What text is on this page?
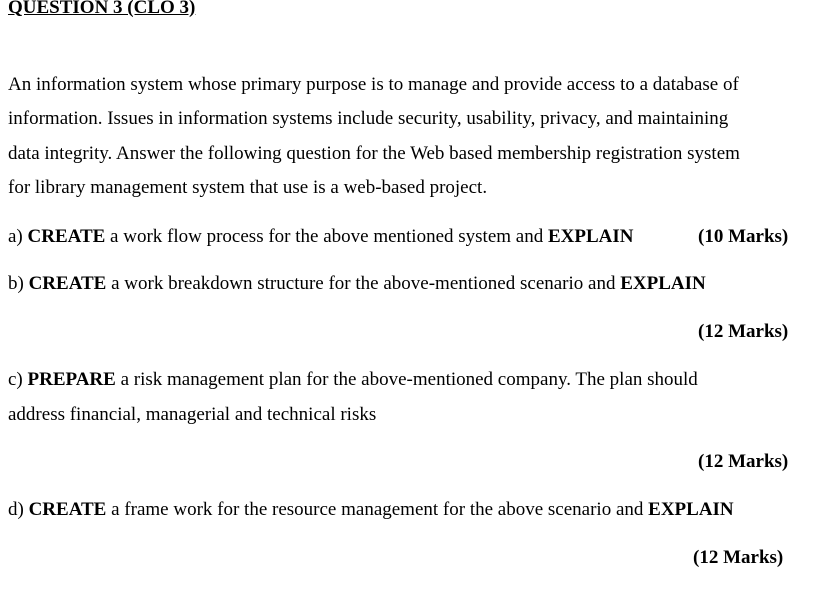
QUESTION 3 (CLO 3)
An information system whose primary purpose is to manage and provide access to a database of
information. Issues in information systems include security, usability, privacy, and maintaining
data integrity. Answer the following question for the Web based membership registration system
for library management system that use is a web-based project.
a) CREATE a work flow process for the above mentioned system and EXPLAIN	(10 Marks)
b) CREATE a work breakdown structure for the above-mentioned scenario and EXPLAIN
(12 Marks)
c) PREPARE a risk management plan for the above-mentioned company. The plan should
address financial, managerial and technical risks
(12 Marks)
d) CREATE a frame work for the resource management for the above scenario and EXPLAIN
(12 Marks)
